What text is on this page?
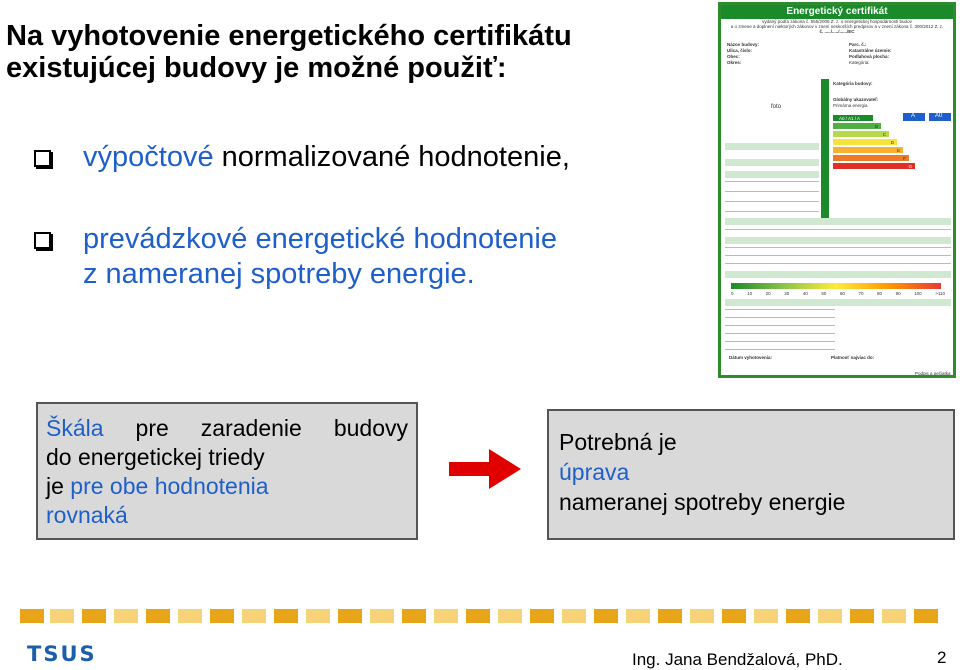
Na vyhotovenie energetického certifikátu
existujúcej budovy je možné použiť:
výpočtové normalizované hodnotenie,
prevádzkové energetické hodnotenie
z nameranej spotreby energie.
Energetický certifikát
vydaný podľa zákona č. 555/2005 Z. z. o energetickej hospodárnosti budov
a o zmene a doplnení niektorých zákonov v znení neskorších predpisov a v znení zákona č. 300/2012 Z. z.
č. ...../...../....../EC
Názov budovy:
Ulica, číslo:
Obec:
Okres:
Parc. č.:
Katastrálne územie:
Podlahová plocha:
Kategória:
foto
Kategória budovy:
Globálny ukazovateľ:
Primárna energia
A0 / A1 / A
B
C
D
E
F
G
A	A0
0	10	20	30	40	50	60	70	80	90	100	>110
Dátum vyhotovenia:	Platnosť najviac do:
Podpis a pečiatka
Škála pre zaradenie budovy
do energetickej triedy
je pre obe hodnotenia
rovnaká
Potrebná je
úprava
nameranej spotreby energie
TSUS	Ing. Jana Bendžalová, PhD.	2
